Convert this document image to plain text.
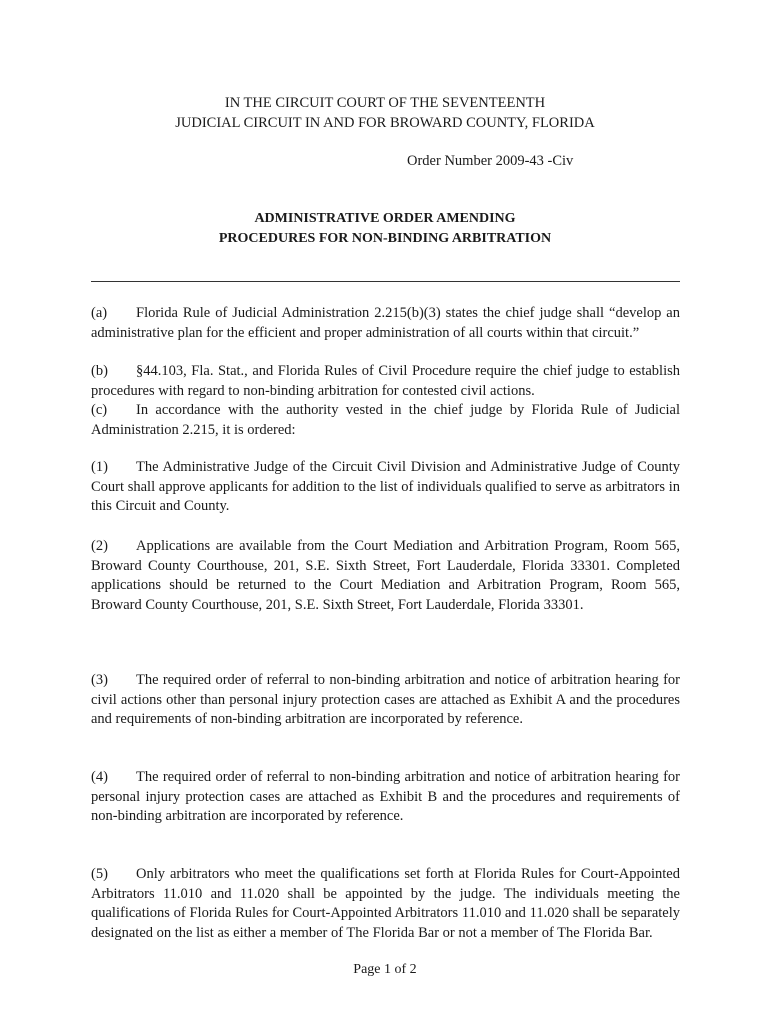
IN THE CIRCUIT COURT OF THE SEVENTEENTH

JUDICIAL CIRCUIT IN AND FOR BROWARD COUNTY, FLORIDA

Order Number 2009-43 -Civ

ADMINISTRATIVE ORDER AMENDING

PROCEDURES FOR NON-BINDING ARBITRATION

(a) Florida Rule of Judicial Administration 2.215(b)(3) states the chief judge shall “develop an administrative plan for the efficient and proper administration of all courts within that circuit.”

(b) §44.103, Fla. Stat., and Florida Rules of Civil Procedure require the chief judge to establish procedures with regard to non-binding arbitration for contested civil actions.

(c) In accordance with the authority vested in the chief judge by Florida Rule of Judicial Administration 2.215, it is ordered:

(1) The Administrative Judge of the Circuit Civil Division and Administrative Judge of County Court shall approve applicants for addition to the list of individuals qualified to serve as arbitrators in this Circuit and County.

(2) Applications are available from the Court Mediation and Arbitration Program, Room 565, Broward County Courthouse, 201, S.E. Sixth Street, Fort Lauderdale, Florida 33301. Completed applications should be returned to the Court Mediation and Arbitration Program, Room 565, Broward County Courthouse, 201, S.E. Sixth Street, Fort Lauderdale, Florida 33301.

(3) The required order of referral to non-binding arbitration and notice of arbitration hearing for civil actions other than personal injury protection cases are attached as Exhibit A and the procedures and requirements of non-binding arbitration are incorporated by reference.

(4) The required order of referral to non-binding arbitration and notice of arbitration hearing for personal injury protection cases are attached as Exhibit B and the procedures and requirements of non-binding arbitration are incorporated by reference.

(5) Only arbitrators who meet the qualifications set forth at Florida Rules for Court-Appointed Arbitrators 11.010 and 11.020 shall be appointed by the judge. The individuals meeting the qualifications of Florida Rules for Court-Appointed Arbitrators 11.010 and 11.020 shall be separately designated on the list as either a member of The Florida Bar or not a member of The Florida Bar.

Page 1 of 2
